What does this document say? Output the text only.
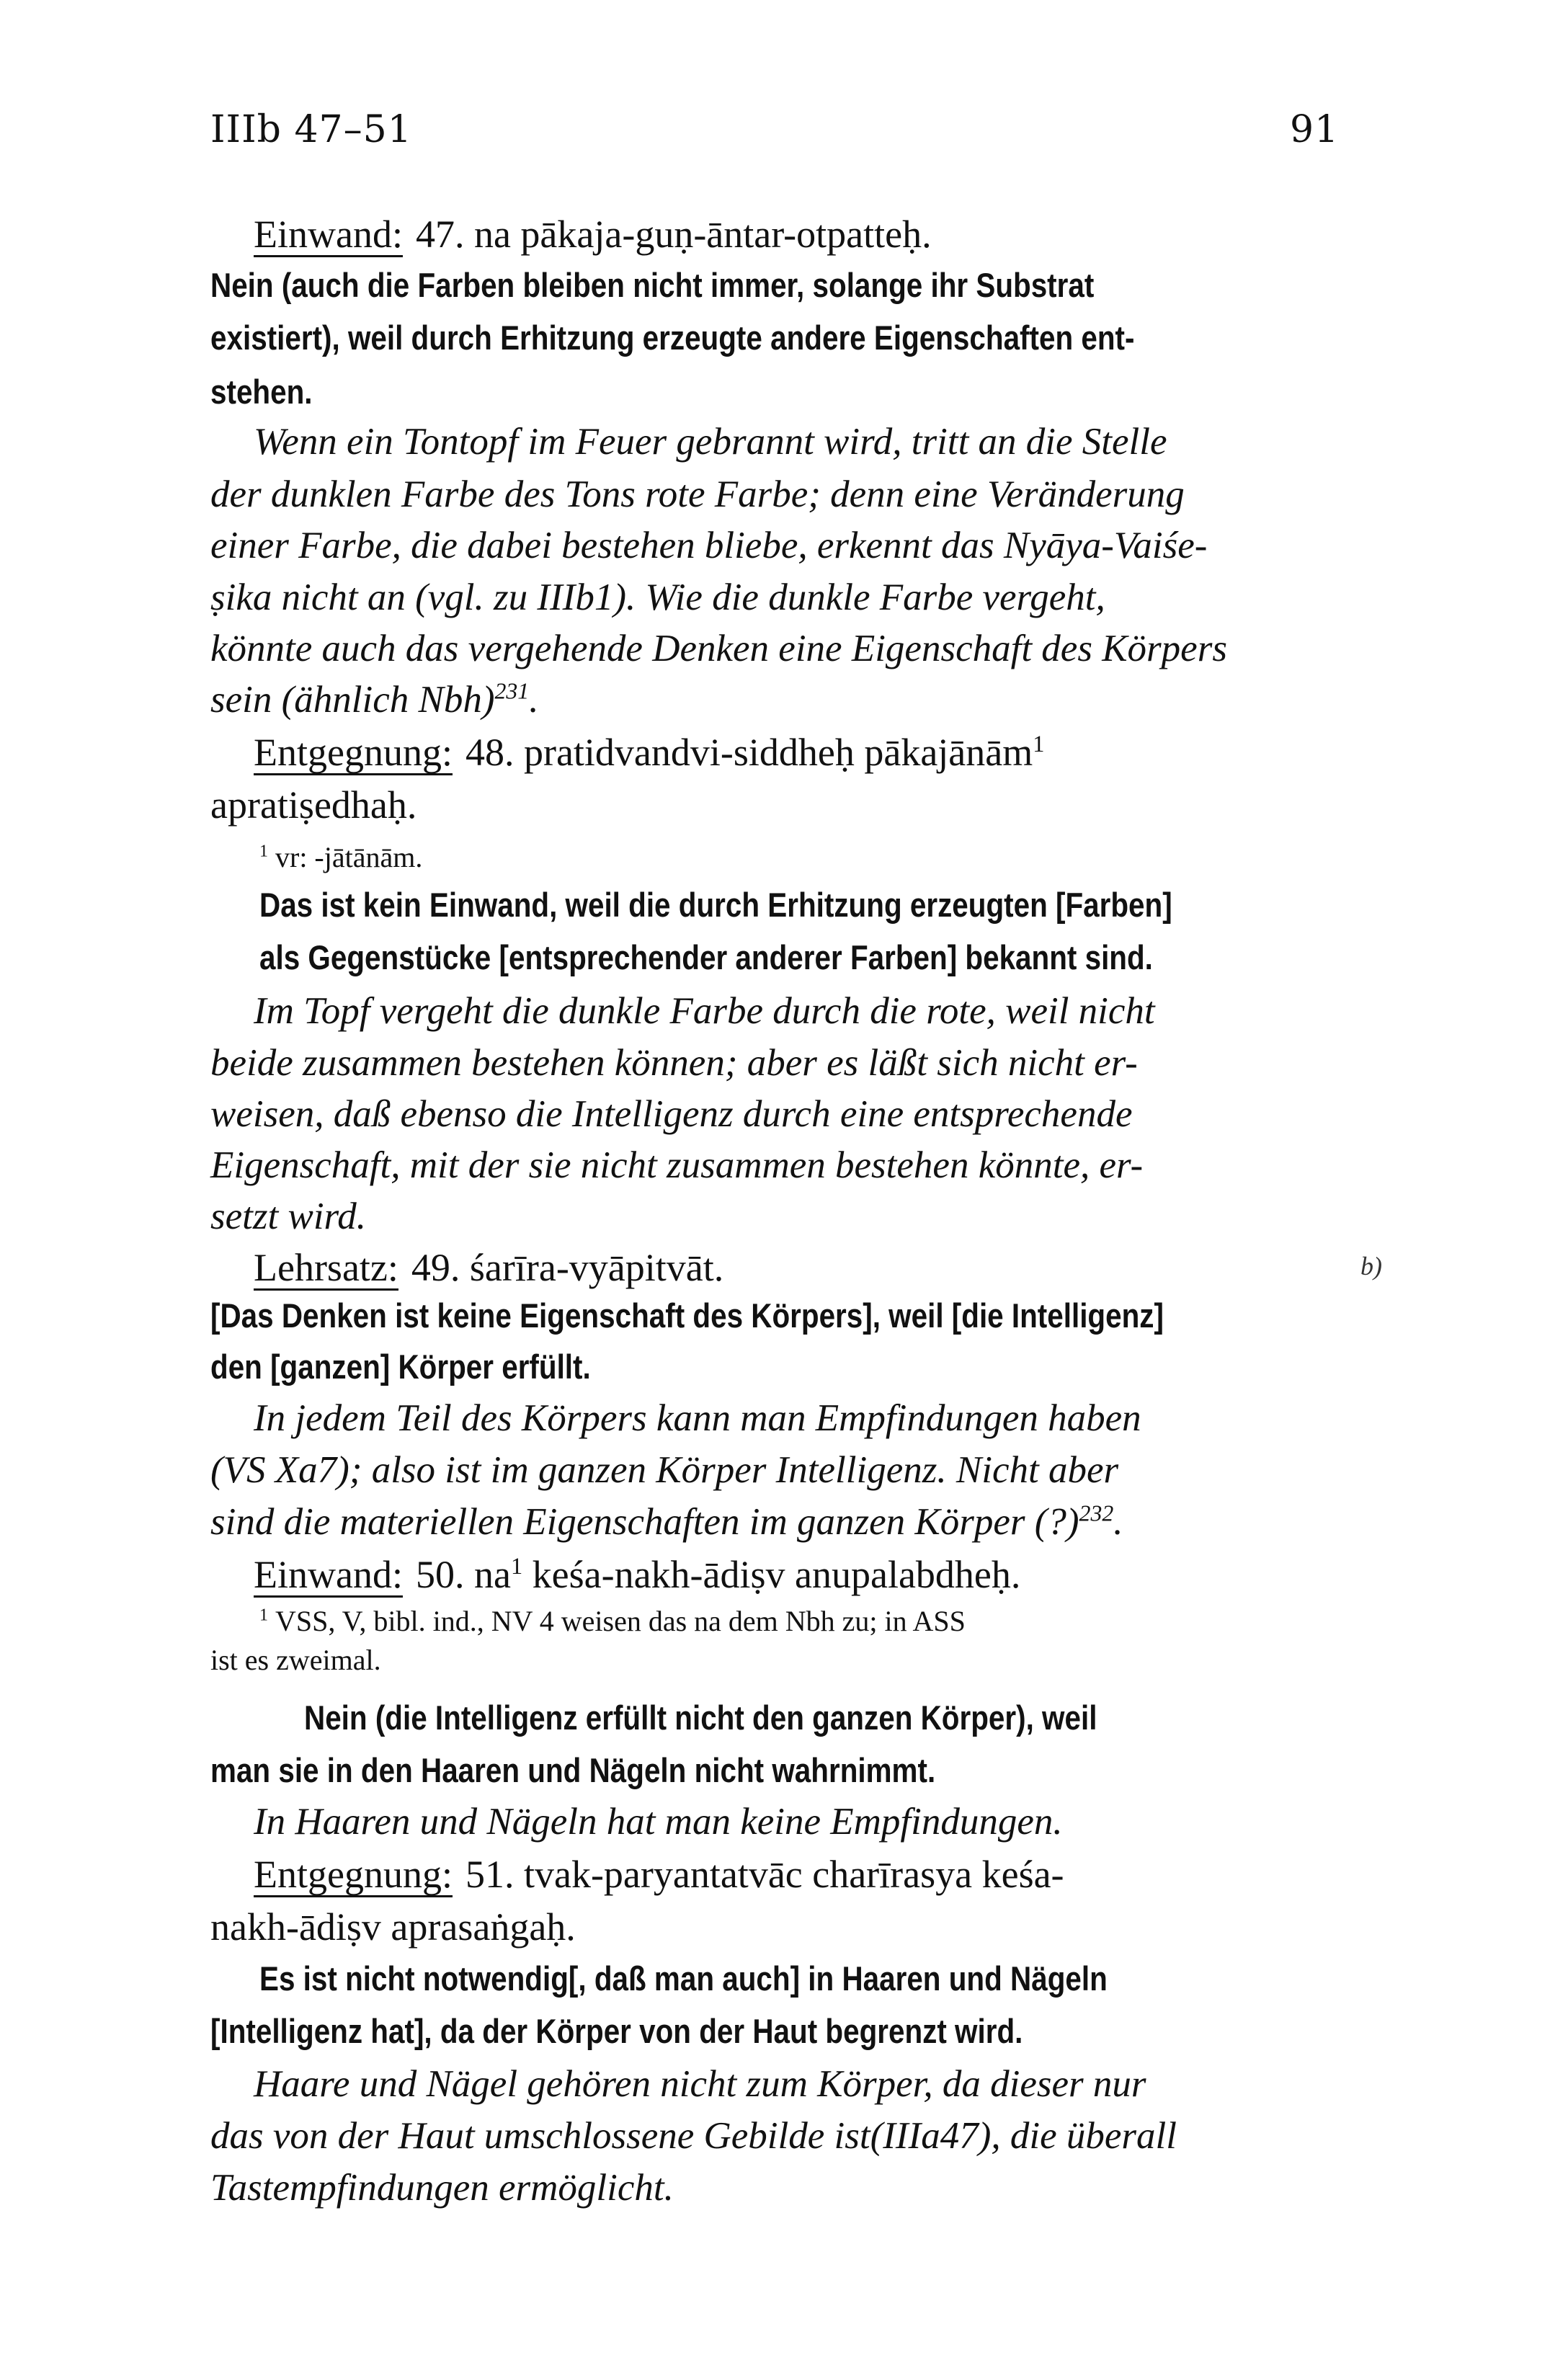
IIIb 47–51	91
Einwand: 47. na pākaja-guṇ-āntar-otpatteḥ.
Nein (auch die Farben bleiben nicht immer, solange ihr Substrat
existiert), weil durch Erhitzung erzeugte andere Eigenschaften ent-
stehen.
Wenn ein Tontopf im Feuer gebrannt wird, tritt an die Stelle
der dunklen Farbe des Tons rote Farbe; denn eine Veränderung
einer Farbe, die dabei bestehen bliebe, erkennt das Nyāya-Vaiśe-
ṣika nicht an (vgl. zu IIIb1). Wie die dunkle Farbe vergeht,
könnte auch das vergehende Denken eine Eigenschaft des Körpers
sein (ähnlich Nbh)$^{231}$.
Entgegnung: 48. pratidvandvi-siddheḥ pākajānām$^1$
apratiṣedhaḥ.
$^1$ vr: -jātānām.
Das ist kein Einwand, weil die durch Erhitzung erzeugten [Farben]
als Gegenstücke [entsprechender anderer Farben] bekannt sind.
Im Topf vergeht die dunkle Farbe durch die rote, weil nicht
beide zusammen bestehen können; aber es läßt sich nicht er-
weisen, daß ebenso die Intelligenz durch eine entsprechende
Eigenschaft, mit der sie nicht zusammen bestehen könnte, er-
setzt wird.
Lehrsatz: 49. śarīra-vyāpitvāt.	b)
[Das Denken ist keine Eigenschaft des Körpers], weil [die Intelligenz]
den [ganzen] Körper erfüllt.
In jedem Teil des Körpers kann man Empfindungen haben
(VS Xa7); also ist im ganzen Körper Intelligenz. Nicht aber
sind die materiellen Eigenschaften im ganzen Körper (?)$^{232}$.
Einwand: 50. $na^1$ keśa-nakh-ādiṣv anupalabdheḥ.
$^1$ VSS, V, bibl. ind., NV 4 weisen das na dem Nbh zu; in ASS
ist es zweimal.
Nein (die Intelligenz erfüllt nicht den ganzen Körper), weil
man sie in den Haaren und Nägeln nicht wahrnimmt.
In Haaren und Nägeln hat man keine Empfindungen.
Entgegnung: 51. tvak-paryantatvāc charīrasya keśa-
nakh-ādiṣv aprasaṅgaḥ.
Es ist nicht notwendig[, daß man auch] in Haaren und Nägeln
[Intelligenz hat], da der Körper von der Haut begrenzt wird.
Haare und Nägel gehören nicht zum Körper, da dieser nur
das von der Haut umschlossene Gebilde ist(IIIa47), die überall
Tastempfindungen ermöglicht.
